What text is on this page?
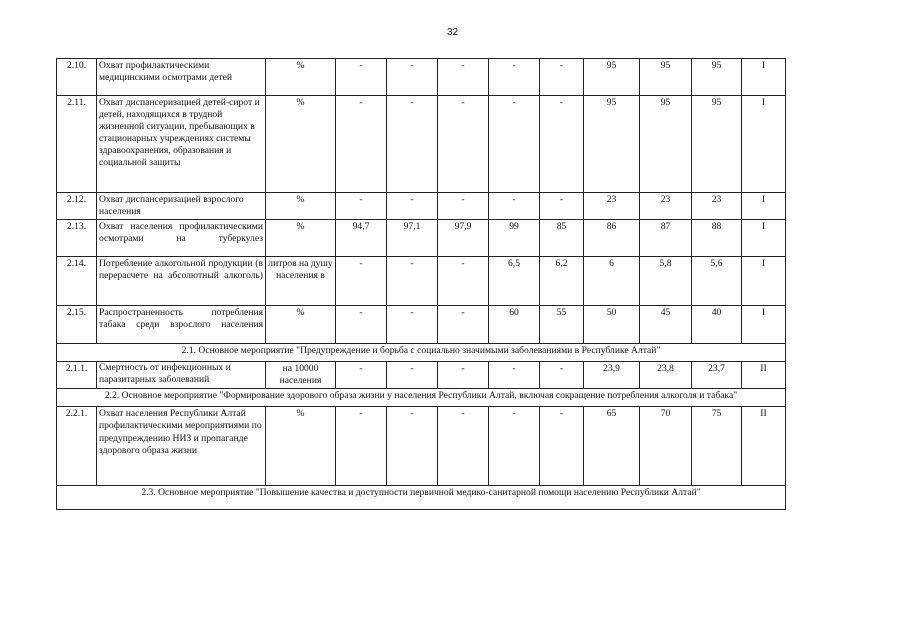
32
2.10.	Охват профилактическими медицинскими осмотрами детей	%	-	-	-	-	-	95	95	95	I
2.11.	Охват диспансеризацией детей-сирот и детей, находящихся в трудной жизненной ситуации, пребывающих в стационарных учреждениях системы здравоохранения, образования и социальной защиты	%	-	-	-	-	-	95	95	95	I
2.12.	Охват диспансеризацией взрослого населения	%	-	-	-	-	-	23	23	23	I
2.13.	Охват населения профилактическими осмотрами на туберкулез	%	94,7	97,1	97,9	99	85	86	87	88	I
2.14.	Потребление алкогольной продукции (в перерасчете на абсолютный алкоголь)	литров на душу населения в	-	-	-	6,5	6,2	6	5,8	5,6	I
2.15.	Распространенность потребления табака среди взрослого населения	%	-	-	-	60	55	50	45	40	I
2.1. Основное мероприятие "Предупреждение и борьба с социально значимыми заболеваниями в Республике Алтай"											
2.1.1.	Смертность от инфекционных и паразитарных заболеваний	на 10000 населения	-	-	-	-	-	23,9	23,8	23,7	II
2.2. Основное мероприятие "Формирование здорового образа жизни у населения Республики Алтай, включая сокращение потребления алкоголя и табака"											
2.2.1.	Охват населения Республики Алтай профилактическими мероприятиями по предупреждению НИЗ и пропаганде здорового образа жизни	%	-	-	-	-	-	65	70	75	II
2.3. Основное мероприятие "Повышение качества и доступности первичной медико-санитарной помощи населению Республики Алтай"											
